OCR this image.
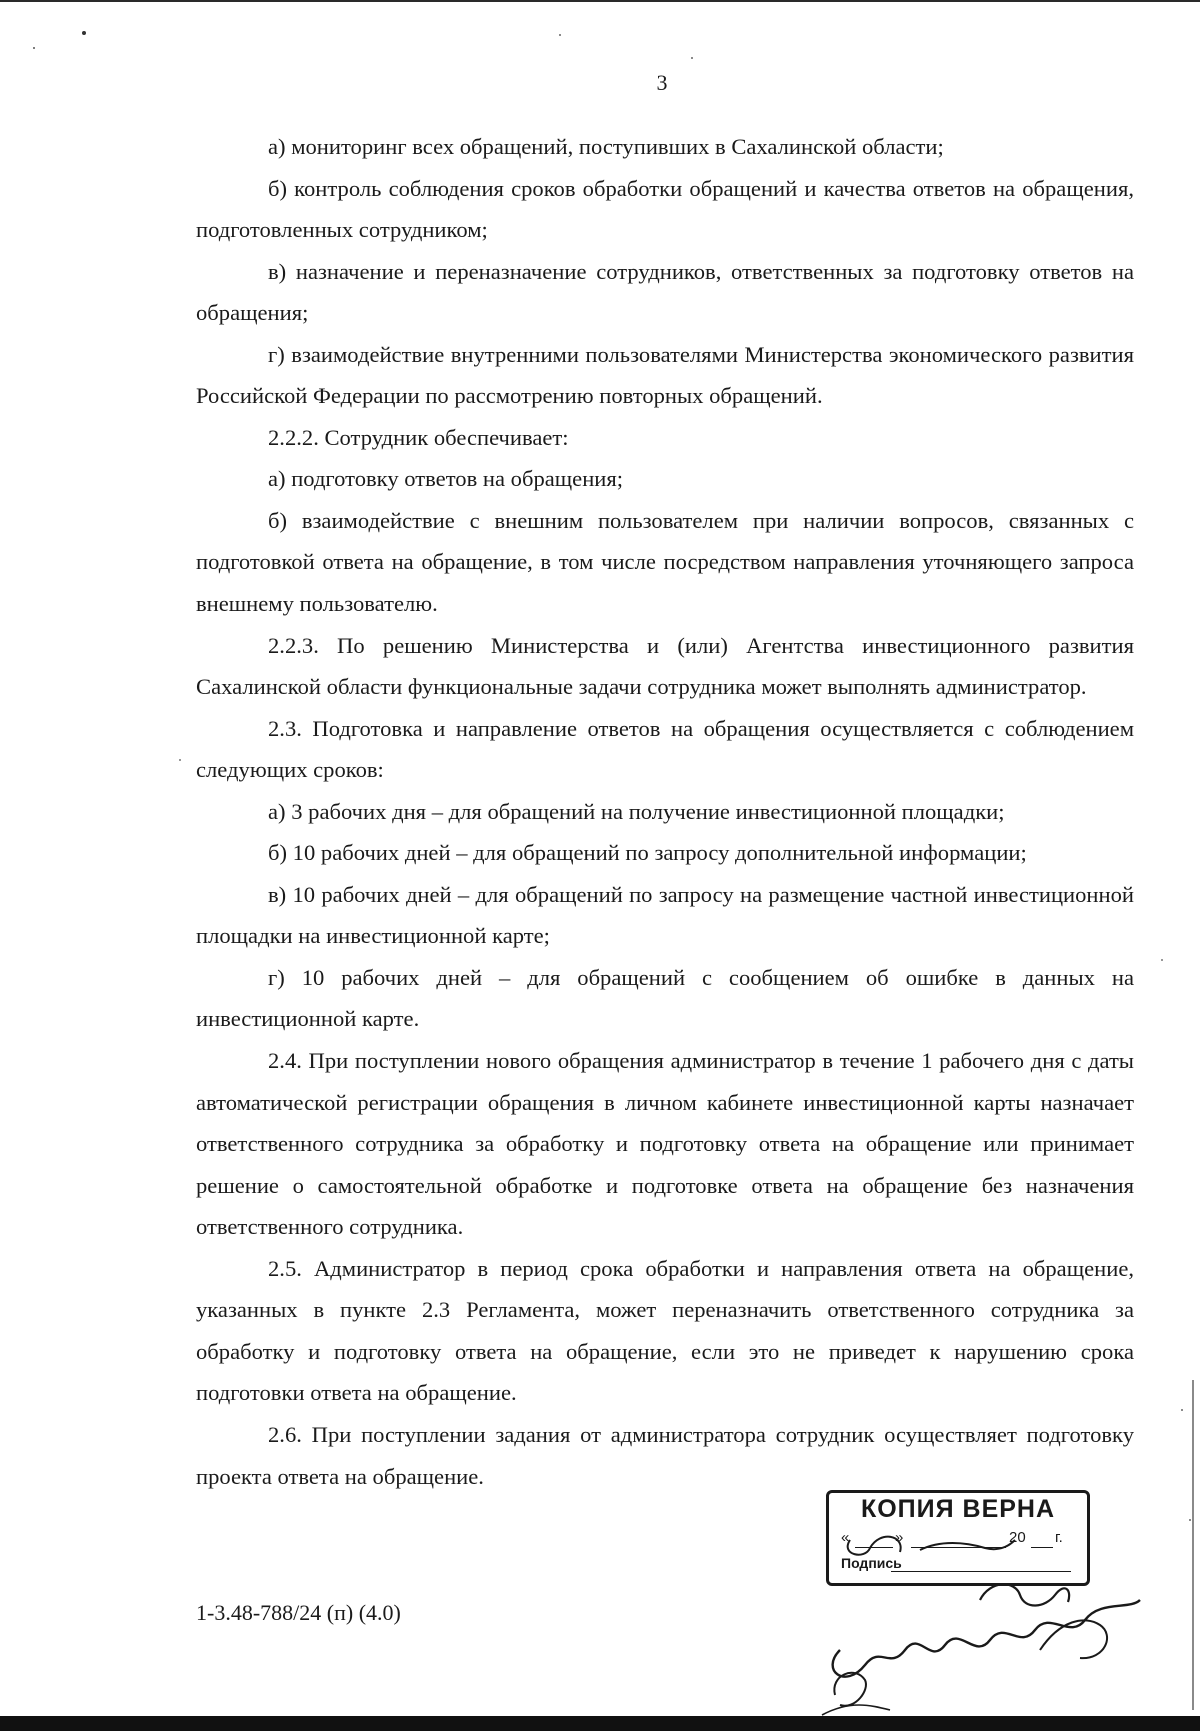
3

а) мониторинг всех обращений, поступивших в Сахалинской области;

б) контроль соблюдения сроков обработки обращений и качества ответов на обращения, подготовленных сотрудником;

в) назначение и переназначение сотрудников, ответственных за подготовку ответов на обращения;

г) взаимодействие внутренними пользователями Министерства экономического развития Российской Федерации по рассмотрению повторных обращений.

2.2.2. Сотрудник обеспечивает:

а) подготовку ответов на обращения;

б) взаимодействие с внешним пользователем при наличии вопросов, связанных с подготовкой ответа на обращение, в том числе посредством направления уточняющего запроса внешнему пользователю.

2.2.3. По решению Министерства и (или) Агентства инвестиционного развития Сахалинской области функциональные задачи сотрудника может выполнять администратор.

2.3. Подготовка и направление ответов на обращения осуществляется с соблюдением следующих сроков:

а) 3 рабочих дня – для обращений на получение инвестиционной площадки;

б) 10 рабочих дней – для обращений по запросу дополнительной информации;

в) 10 рабочих дней – для обращений по запросу на размещение частной инвестиционной площадки на инвестиционной карте;

г) 10 рабочих дней – для обращений с сообщением об ошибке в данных на инвестиционной карте.

2.4. При поступлении нового обращения администратор в течение 1 рабочего дня с даты автоматической регистрации обращения в личном кабинете инвестиционной карты назначает ответственного сотрудника за обработку и подготовку ответа на обращение или принимает решение о самостоятельной обработке и подготовке ответа на обращение без назначения ответственного сотрудника.

2.5. Администратор в период срока обработки и направления ответа на обращение, указанных в пункте 2.3 Регламента, может переназначить ответственного сотрудника за обработку и подготовку ответа на обращение, если это не приведет к нарушению срока подготовки ответа на обращение.

2.6. При поступлении задания от администратора сотрудник осуществляет подготовку проекта ответа на обращение.

1-3.48-788/24 (п) (4.0)
КОПИЯ ВЕРНА
«	»	20 г.
Подпись
